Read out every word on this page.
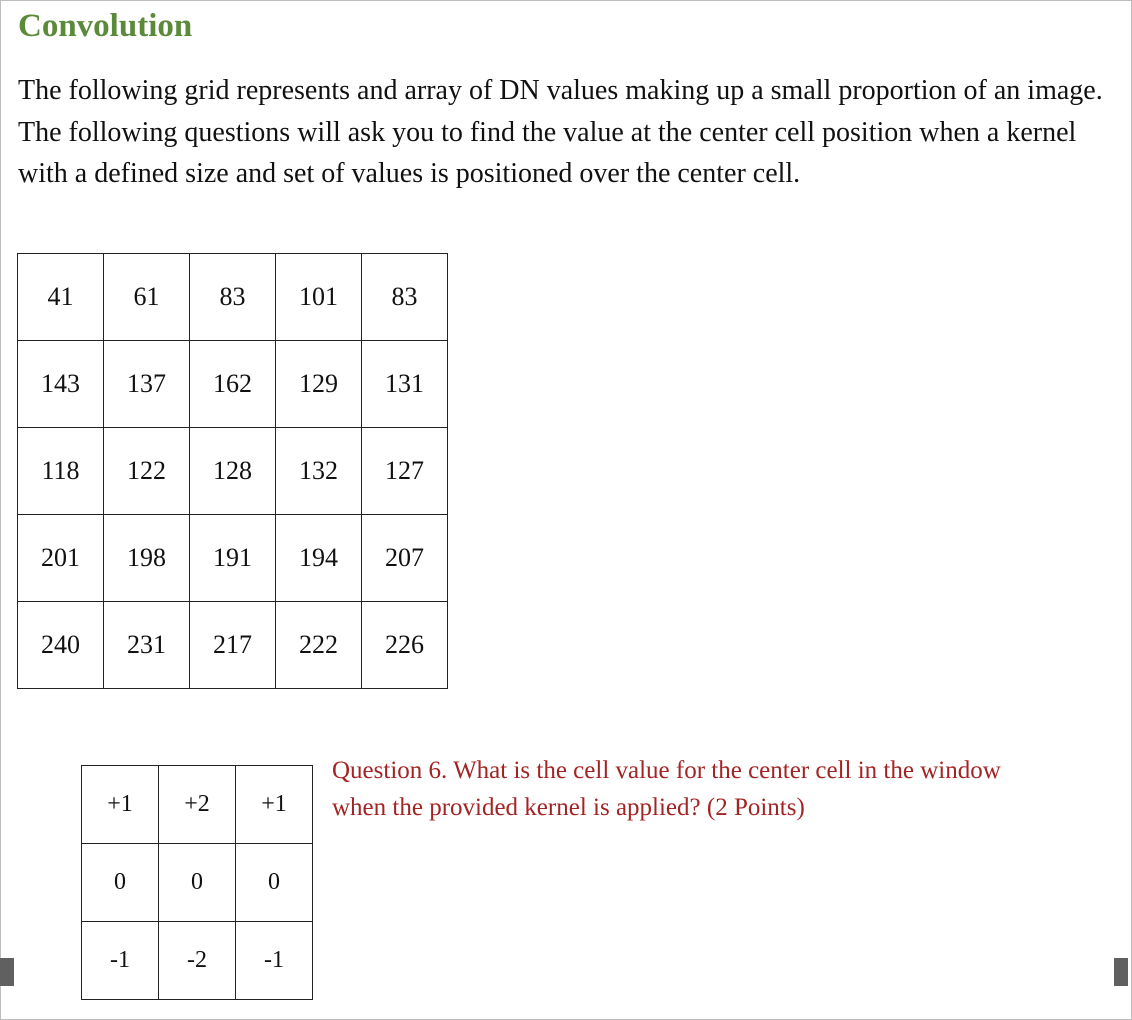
Convolution

The following grid represents and array of DN values making up a small proportion of an image. The following questions will ask you to find the value at the center cell position when a kernel with a defined size and set of values is positioned over the center cell.

41	61	83	101	83
143	137	162	129	131
118	122	128	132	127
201	198	191	194	207
240	231	217	222	226
+1	+2	+1
0	0	0
-1	-2	-1

Question 6. What is the cell value for the center cell in the window when the provided kernel is applied? (2 Points)
